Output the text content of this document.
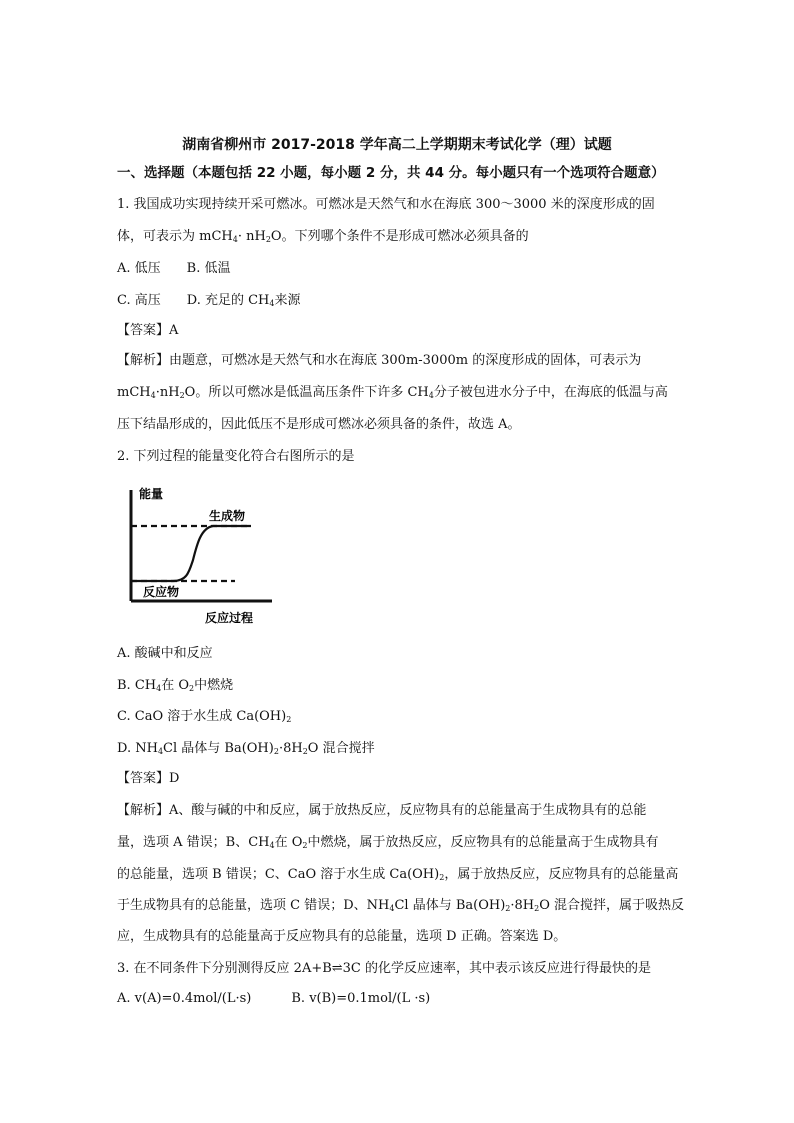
湖南省柳州市 2017-2018 学年高二上学期期末考试化学（理）试题
一、选择题（本题包括 22 小题，每小题 2 分，共 44 分。每小题只有一个选项符合题意）
1. 我国成功实现持续开采可燃冰。可燃冰是天然气和水在海底 300～3000 米的深度形成的固
体，可表示为 $mCH_4\cdot nH_2O$。下列哪个条件不是形成可燃冰必须具备的
A. 低压 B. 低温
C. 高压 D. 充足的 $CH_4$来源
【答案】A
【解析】由题意，可燃冰是天然气和水在海底 300m-3000m 的深度形成的固体，可表示为
$mCH_4\cdot nH_2O$。所以可燃冰是低温高压条件下许多 $CH_4$分子被包进水分子中，在海底的低温与高
压下结晶形成的，因此低压不是形成可燃冰必须具备的条件，故选 A。
2. 下列过程的能量变化符合右图所示的是
能量
生成物
反应物
反应过程
A. 酸碱中和反应
B. $CH_4$在 $O_2$中燃烧
C. CaO 溶于水生成 $Ca(OH)_2$
D. $NH_4Cl$ 晶体与 $Ba(OH)_2\cdot 8H_2O$ 混合搅拌
【答案】D
【解析】A、酸与碱的中和反应，属于放热反应，反应物具有的总能量高于生成物具有的总能
量，选项 A 错误；B、$CH_4$在 $O_2$中燃烧，属于放热反应，反应物具有的总能量高于生成物具有
的总能量，选项 B 错误；C、CaO 溶于水生成 $Ca(OH)_2$，属于放热反应，反应物具有的总能量高
于生成物具有的总能量，选项 C 错误；D、$NH_4Cl$ 晶体与 $Ba(OH)_2\cdot 8H_2O$ 混合搅拌，属于吸热反
应，生成物具有的总能量高于反应物具有的总能量，选项 D 正确。答案选 D。
3. 在不同条件下分别测得反应 2A+B⇌3C 的化学反应速率，其中表示该反应进行得最快的是
A. v(A)=0.4mol/(L·s)	B. v(B)=0.1mol/(L ·s)
